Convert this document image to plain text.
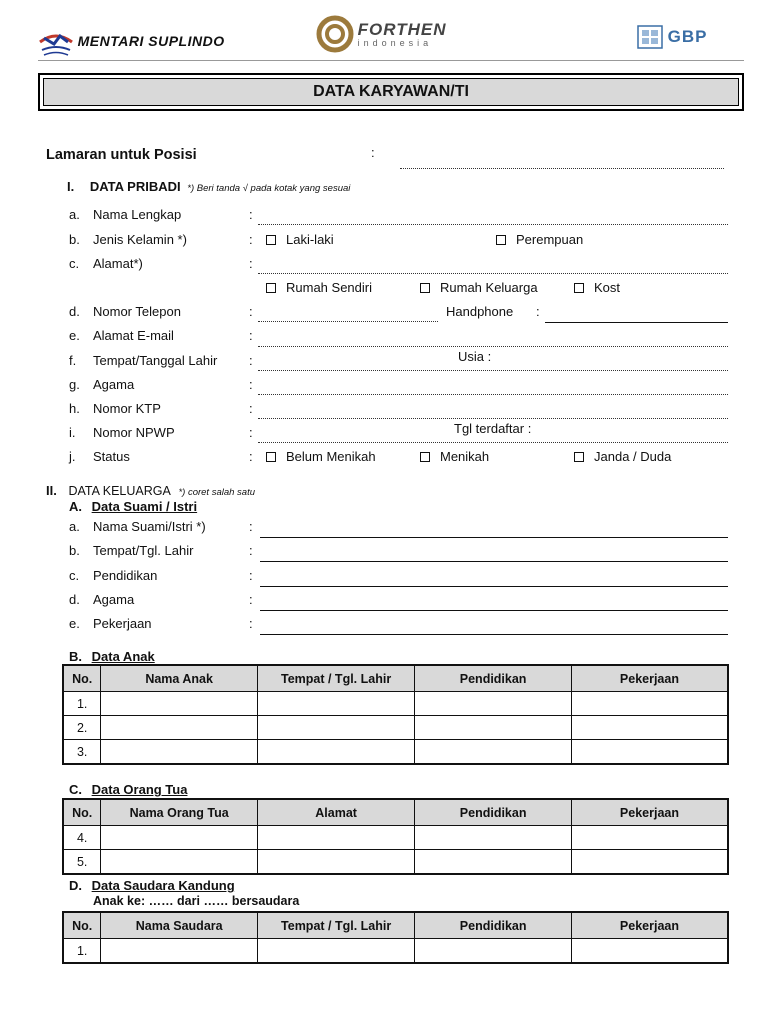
MENTARI SUPLINDO

FORTHEN
indonesia	GBP
DATA KARYAWAN/TI
Lamaran untuk Posisi	:
I. DATA PRIBADI *) Beri tanda √ pada kotak yang sesuai
a. Nama Lengkap	:
b. Jenis Kelamin *)	:	Laki-laki	Perempuan
c. Alamat*)	:
Rumah Sendiri	Rumah Keluarga	Kost
d. Nomor Telepon	:	Handphone :
e. Alamat E-mail	:
f. Tempat/Tanggal Lahir :	Usia :
g. Agama	:
h. Nomor KTP	:
i. Nomor NPWP	:	Tgl terdaftar :
j. Status	:	Belum Menikah	Menikah	Janda / Duda
II. DATA KELUARGA *) coret salah satu
A. Data Suami / Istri
a. Nama Suami/Istri *)	:
b. Tempat/Tgl. Lahir	:
c. Pendidikan	:
d. Agama	:
e. Pekerjaan	:
B. Data Anak
No.	Nama Anak	Tempat / Tgl. Lahir	Pendidikan	Pekerjaan
1.				
2.				
3.				
C. Data Orang Tua
No.	Nama Orang Tua	Alamat	Pendidikan	Pekerjaan
4.				
5.				
D. Data Saudara Kandung
Anak ke: …… dari …… bersaudara
No.	Nama Saudara	Tempat / Tgl. Lahir	Pendidikan	Pekerjaan
1.				
